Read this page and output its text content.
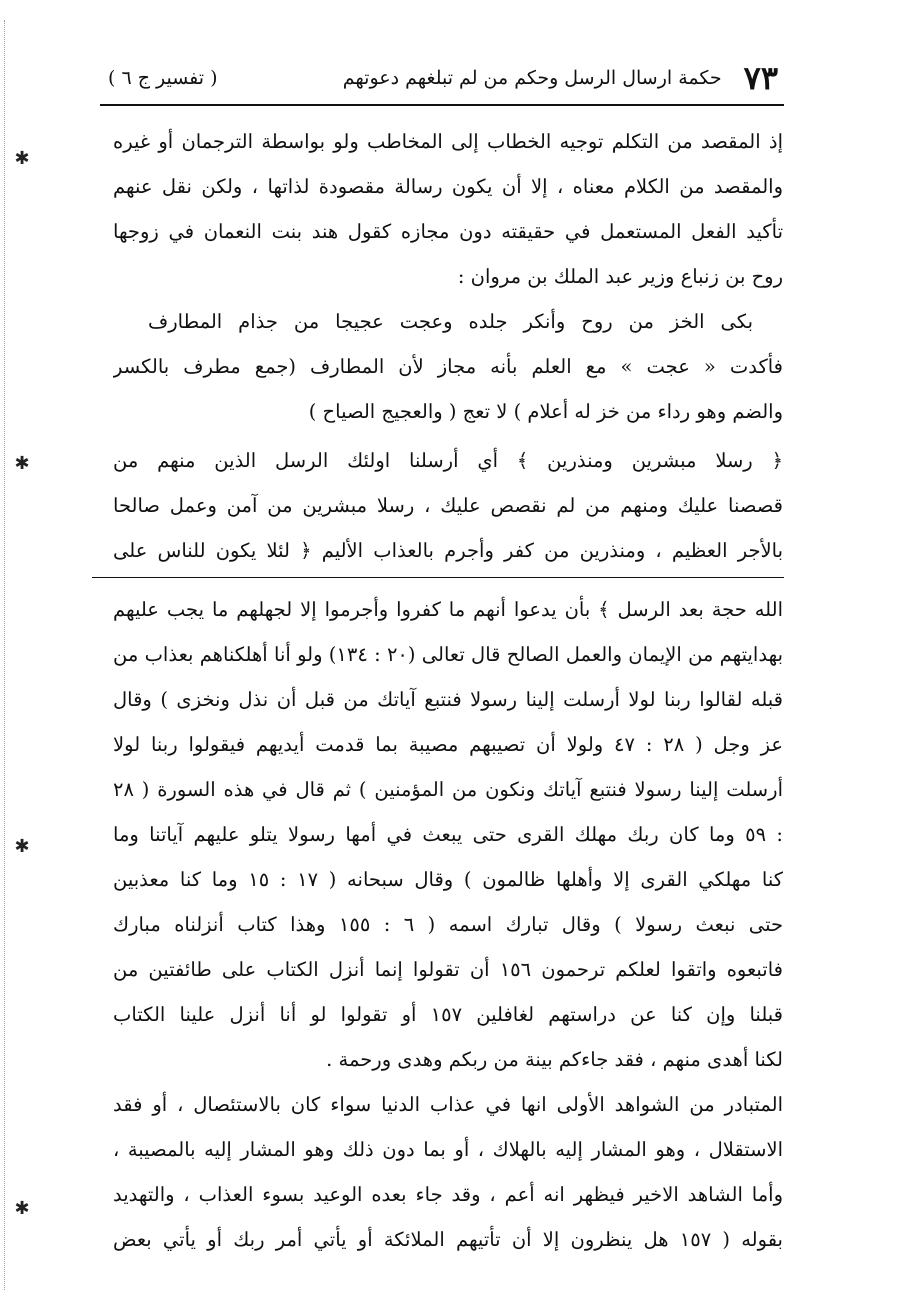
٧٣
حكمة ارسال الرسل وحكم من لم تبلغهم دعوتهم
( تفسير ج ٦ )
إذ المقصد من التكلم توجيه الخطاب إلى المخاطب ولو بواسطة الترجمان أو غيره
والمقصد من الكلام معناه ، إلا أن يكون رسالة مقصودة لذاتها ، ولكن نقل عنهم
تأكيد الفعل المستعمل في حقيقته دون مجازه كقول هند بنت النعمان في زوجها
روح بن زنباع وزير عبد الملك بن مروان :
بكى الخز من روح وأنكر جلده وعجت عجيجا من جذام المطارف
فأكدت « عجت » مع العلم بأنه مجاز لأن المطارف (جمع مطرف بالكسر
والضم وهو رداء من خز له أعلام ) لا تعج ( والعجيج الصياح )
﴿ رسلا مبشرين ومنذرين ﴾ أي أرسلنا اولئك الرسل الذين منهم من
قصصنا عليك ومنهم من لم نقصص عليك ، رسلا مبشرين من آمن وعمل صالحا
بالأجر العظيم ، ومنذرين من كفر وأجرم بالعذاب الأليم ﴿ لئلا يكون للناس على
الله حجة بعد الرسل ﴾ بأن يدعوا أنهم ما كفروا وأجرموا إلا لجهلهم ما يجب عليهم
بهدايتهم من الإيمان والعمل الصالح قال تعالى (٢٠ : ١٣٤) ولو أنا أهلكناهم بعذاب من
قبله لقالوا ربنا لولا أرسلت إلينا رسولا فنتبع آياتك من قبل أن نذل ونخزى ) وقال
عز وجل ( ٢٨ : ٤٧ ولولا أن تصيبهم مصيبة بما قدمت أيديهم فيقولوا ربنا لولا
أرسلت إلينا رسولا فنتبع آياتك ونكون من المؤمنين ) ثم قال في هذه السورة ( ٢٨
: ٥٩ وما كان ربك مهلك القرى حتى يبعث في أمها رسولا يتلو عليهم آياتنا وما
كنا مهلكي القرى إلا وأهلها ظالمون ) وقال سبحانه ( ١٧ : ١٥ وما كنا معذبين
حتى نبعث رسولا ) وقال تبارك اسمه ( ٦ : ١٥٥ وهذا كتاب أنزلناه مبارك
فاتبعوه واتقوا لعلكم ترحمون ١٥٦ أن تقولوا إنما أنزل الكتاب على طائفتين من
قبلنا وإن كنا عن دراستهم لغافلين ١٥٧ أو تقولوا لو أنا أنزل علينا الكتاب
لكنا أهدى منهم ، فقد جاءكم بينة من ربكم وهدى ورحمة .
المتبادر من الشواهد الأولى انها في عذاب الدنيا سواء كان بالاستئصال ، أو فقد
الاستقلال ، وهو المشار إليه بالهلاك ، أو بما دون ذلك وهو المشار إليه بالمصيبة ،
وأما الشاهد الاخير فيظهر انه أعم ، وقد جاء بعده الوعيد بسوء العذاب ، والتهديد
بقوله ( ١٥٧ هل ينظرون إلا أن تأتيهم الملائكة أو يأتي أمر ربك أو يأتي بعض
✱
✱
✱
✱
